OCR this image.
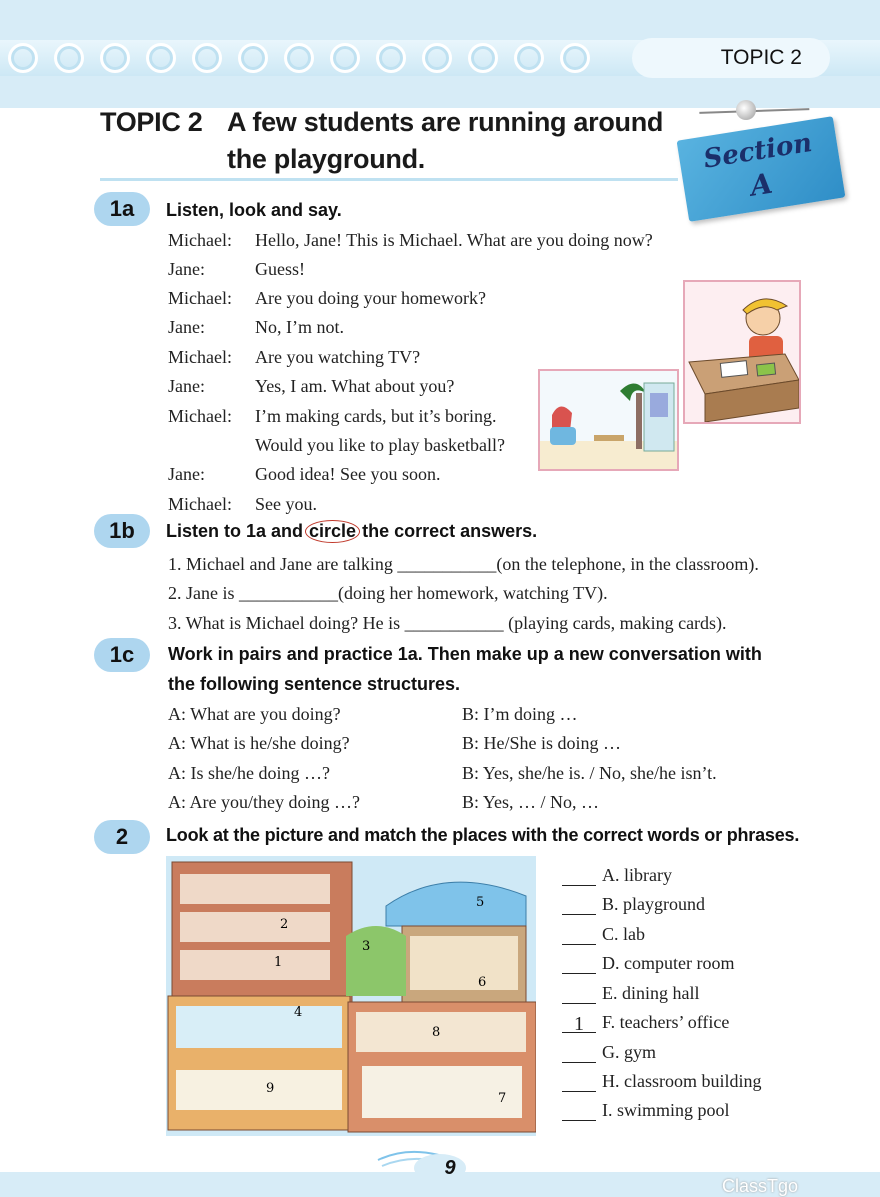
TOPIC 2
TOPIC 2 A few students are running around the playground.	Section
A
1a	Listen, look and say.
Michael: Hello, Jane! This is Michael. What are you doing now?
Jane:	Guess!
Michael: Are you doing your homework?
Jane:	No, I’m not.
Michael: Are you watching TV?
Jane:	Yes, I am. What about you?
Michael: I’m making cards, but it’s boring.
Would you like to play basketball?
Jane:	Good idea! See you soon.
Michael: See you.
1b	Listen to 1a and circle the correct answers.
1. Michael and Jane are talking ___________(on the telephone, in the classroom).
2. Jane is ___________(doing her homework, watching TV).
3. What is Michael doing? He is ___________ (playing cards, making cards).
1c	Work in pairs and practice 1a. Then make up a new conversation with
the following sentence structures.
A: What are you doing?	B: I’m doing …
A: What is he/she doing?	B: He/She is doing …
A: Is she/he doing …?	B: Yes, she/he is. / No, she/he isn’t.
A: Are you/they doing …?	B: Yes, … / No, …
2	Look at the picture and match the places with the correct words or phrases.
1
2
3
4
5
6
7
8
9
A. library
B. playground
C. lab
D. computer room
E. dining hall
1 F. teachers’ office
G. gym
H. classroom building
I. swimming pool
9
ClassTgo
